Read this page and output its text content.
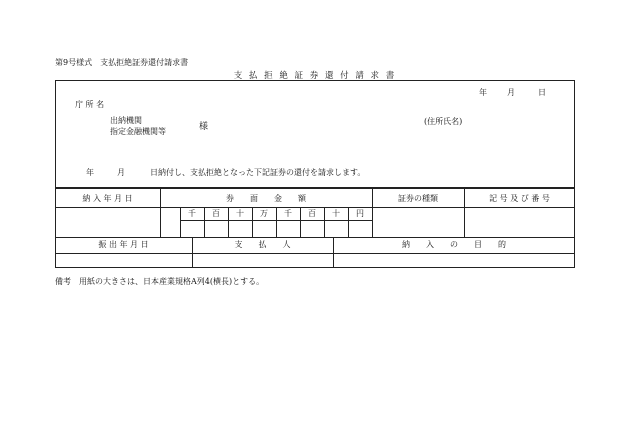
第9号様式　支払拒絶証券還付請求書
支 払 拒 絶 証 券 還 付 請 求 書
年	月	日
庁 所 名
出納機関
指定金融機関等	様
(住所氏名)
年	月	日納付し、支払拒絶となった下記証券の還付を請求します。
納 入 年 月 日	券　　面　　金　　額	証券の種類	記 号 及 び 番 号
千	百	十	万	千	百	十	円
振 出 年 月 日	支　　払　　人	納　　入　　の　　目　　的
備考　用紙の大きさは、日本産業規格A列4(横長)とする。
